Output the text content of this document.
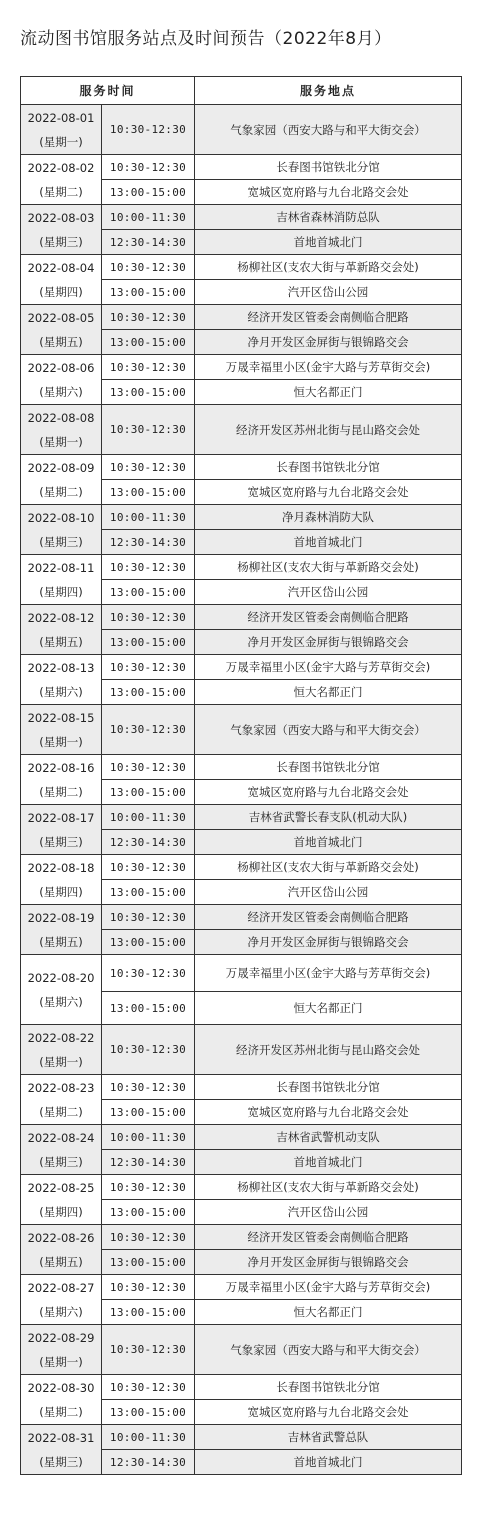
流动图书馆服务站点及时间预告（2022年8月）
服务时间		服务地点

2022-08-01
(星期一)	10:30-12:30	气象家园（西安大路与和平大街交会）

2022-08-02
(星期二)	10:30-12:30	长春图书馆铁北分馆
	13:00-15:00	宽城区宽府路与九台北路交会处

2022-08-03
(星期三)	10:00-11:30	吉林省森林消防总队
	12:30-14:30	首地首城北门

2022-08-04
(星期四)	10:30-12:30	杨柳社区(支农大街与革新路交会处)
	13:00-15:00	汽开区岱山公园

2022-08-05
(星期五)	10:30-12:30	经济开发区管委会南侧临合肥路
	13:00-15:00	净月开发区金屏街与银锦路交会

2022-08-06
(星期六)	10:30-12:30	万晟幸福里小区(金宇大路与芳草街交会)
	13:00-15:00	恒大名都正门

2022-08-08
(星期一)	10:30-12:30	经济开发区苏州北街与昆山路交会处

2022-08-09
(星期二)	10:30-12:30	长春图书馆铁北分馆
	13:00-15:00	宽城区宽府路与九台北路交会处

2022-08-10
(星期三)	10:00-11:30	净月森林消防大队
	12:30-14:30	首地首城北门

2022-08-11
(星期四)	10:30-12:30	杨柳社区(支农大街与革新路交会处)
	13:00-15:00	汽开区岱山公园

2022-08-12
(星期五)	10:30-12:30	经济开发区管委会南侧临合肥路
	13:00-15:00	净月开发区金屏街与银锦路交会

2022-08-13
(星期六)	10:30-12:30	万晟幸福里小区(金宇大路与芳草街交会)
	13:00-15:00	恒大名都正门

2022-08-15
(星期一)	10:30-12:30	气象家园（西安大路与和平大街交会）

2022-08-16
(星期二)	10:30-12:30	长春图书馆铁北分馆
	13:00-15:00	宽城区宽府路与九台北路交会处

2022-08-17
(星期三)	10:00-11:30	吉林省武警长春支队(机动大队)
	12:30-14:30	首地首城北门

2022-08-18
(星期四)	10:30-12:30	杨柳社区(支农大街与革新路交会处)
	13:00-15:00	汽开区岱山公园

2022-08-19
(星期五)	10:30-12:30	经济开发区管委会南侧临合肥路
	13:00-15:00	净月开发区金屏街与银锦路交会

2022-08-20
(星期六)	10:30-12:30	万晟幸福里小区(金宇大路与芳草街交会)
	13:00-15:00	恒大名都正门

2022-08-22
(星期一)	10:30-12:30	经济开发区苏州北街与昆山路交会处

2022-08-23
(星期二)	10:30-12:30	长春图书馆铁北分馆
	13:00-15:00	宽城区宽府路与九台北路交会处

2022-08-24
(星期三)	10:00-11:30	吉林省武警机动支队
	12:30-14:30	首地首城北门

2022-08-25
(星期四)	10:30-12:30	杨柳社区(支农大街与革新路交会处)
	13:00-15:00	汽开区岱山公园

2022-08-26
(星期五)	10:30-12:30	经济开发区管委会南侧临合肥路
	13:00-15:00	净月开发区金屏街与银锦路交会

2022-08-27
(星期六)	10:30-12:30	万晟幸福里小区(金宇大路与芳草街交会)
	13:00-15:00	恒大名都正门

2022-08-29
(星期一)	10:30-12:30	气象家园（西安大路与和平大街交会）

2022-08-30
(星期二)	10:30-12:30	长春图书馆铁北分馆
	13:00-15:00	宽城区宽府路与九台北路交会处

2022-08-31
(星期三)	10:00-11:30	吉林省武警总队
	12:30-14:30	首地首城北门
